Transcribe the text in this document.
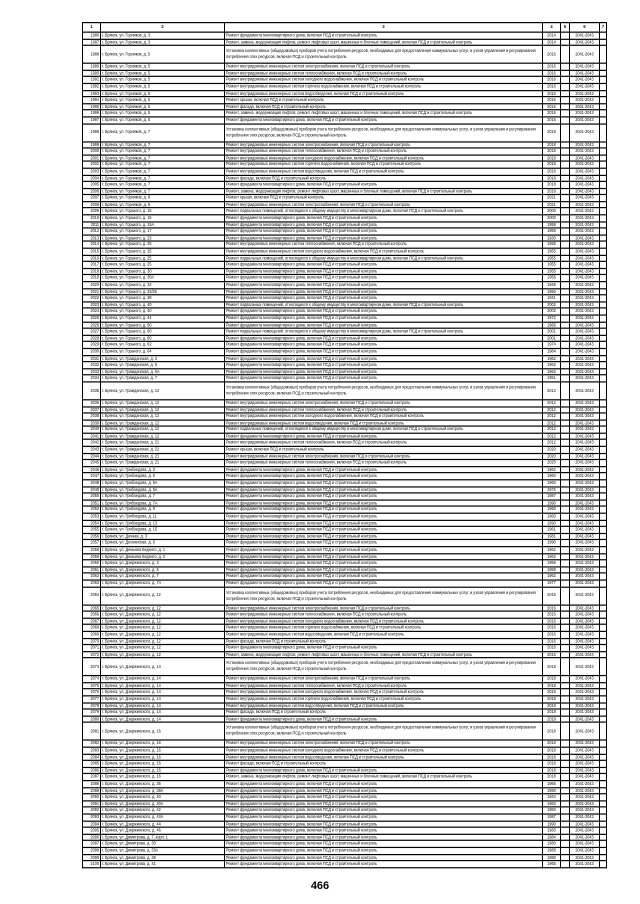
1	2	3	4	5	6	7
1986	г. Брянск, ул. Горняков, д. 3	Ремонт фундамента многоквартирного дома, включая ПСД и строительный контроль	2014		2041-2043	
1987	г. Брянск, ул. Горняков, д. 3	Ремонт, замена, модернизация лифтов, ремонт лифтовых шахт, машинных и блочных помещений, включая ПСД и строительный контроль	2014		2041-2043	
1988	г. Брянск, ул. Горняков, д. 5	Установка коллективных (общедомовых) приборов учета потребления ресурсов, необходимых для предоставления коммунальных услуг, и узлов управления и регулирования потребления этих ресурсов, включая ПСД и строительный контроль	2016		2041-2043	
1989	г. Брянск, ул. Горняков, д. 5	Ремонт внутридомовых инженерных систем электроснабжения, включая ПСД и строительный контроль	2016		2041-2043	
1990	г. Брянск, ул. Горняков, д. 5	Ремонт внутридомовых инженерных систем теплоснабжения, включая ПСД и строительный контроль	2016		2041-2043	
1991	г. Брянск, ул. Горняков, д. 5	Ремонт внутридомовых инженерных систем холодного водоснабжения, включая ПСД и строительный контроль	2016		2041-2043	
1992	г. Брянск, ул. Горняков, д. 5	Ремонт внутридомовых инженерных систем горячего водоснабжения, включая ПСД и строительный контроль	2016		2041-2043	
1993	г. Брянск, ул. Горняков, д. 5	Ремонт внутридомовых инженерных систем водоотведения, включая ПСД и строительный контроль	2016		2041-2043	
1994	г. Брянск, ул. Горняков, д. 5	Ремонт крыши, включая ПСД и строительный контроль	2016		2041-2043	
1995	г. Брянск, ул. Горняков, д. 5	Ремонт фасада, включая ПСД и строительный контроль	2016		2041-2043	
1996	г. Брянск, ул. Горняков, д. 5	Ремонт, замена, модернизация лифтов, ремонт лифтовых шахт, машинных и блочных помещений, включая ПСД и строительный контроль	2016		2041-2043	
1997	г. Брянск, ул. Горняков, д. 5	Ремонт фундамента многоквартирного дома, включая ПСД и строительный контроль	2016		2041-2043	
1998	г. Брянск, ул. Горняков, д. 7	Установка коллективных (общедомовых) приборов учета потребления ресурсов, необходимых для предоставления коммунальных услуг, и узлов управления и регулирования потребления этих ресурсов, включая ПСД и строительный контроль	2018		2041-2043	
1999	г. Брянск, ул. Горняков, д. 7	Ремонт внутридомовых инженерных систем электроснабжения, включая ПСД и строительный контроль	2018		2041-2043	
2000	г. Брянск, ул. Горняков, д. 7	Ремонт внутридомовых инженерных систем теплоснабжения, включая ПСД и строительный контроль	2018		2041-2043	
2001	г. Брянск, ул. Горняков, д. 7	Ремонт внутридомовых инженерных систем холодного водоснабжения, включая ПСД и строительный контроль	2018		2041-2043	
2002	г. Брянск, ул. Горняков, д. 7	Ремонт внутридомовых инженерных систем горячего водоснабжения, включая ПСД и строительный контроль	2018		2041-2043	
2003	г. Брянск, ул. Горняков, д. 7	Ремонт внутридомовых инженерных систем водоотведения, включая ПСД и строительный контроль	2018		2041-2043	
2004	г. Брянск, ул. Горняков, д. 7	Ремонт фасада, включая ПСД и строительный контроль	2018		2041-2043	
2005	г. Брянск, ул. Горняков, д. 7	Ремонт фундамента многоквартирного дома, включая ПСД и строительный контроль	2018		2041-2043	
2006	г. Брянск, ул. Горняков, д. 7	Ремонт, замена, модернизация лифтов, ремонт лифтовых шахт, машинных и блочных помещений, включая ПСД и строительный контроль	2018		2041-2043	
2007	г. Брянск, ул. Горняков, д. 9	Ремонт крыши, включая ПСД и строительный контроль	2021		2041-2043	
2008	г. Брянск, ул. Горняков, д. 9	Ремонт внутридомовых инженерных систем электроснабжения, включая ПСД и строительный контроль	2021		2041-2043	
2009	г. Брянск, ул. Горького, д. 15	Ремонт подвальных помещений, относящихся к общему имуществу в многоквартирном доме, включая ПСД и строительный контроль	2000		2041-2043	
2010	г. Брянск, ул. Горького, д. 15	Ремонт фундамента многоквартирного дома, включая ПСД и строительный контроль	2000		2041-2043	
2011	г. Брянск, ул. Горького, д. 15А	Ремонт фундамента многоквартирного дома, включая ПСД и строительный контроль	1959		2041-2043	
2012	г. Брянск, ул. Горького, д. 17	Ремонт фундамента многоквартирного дома, включая ПСД и строительный контроль	1959		2041-2043	
2013	г. Брянск, ул. Горького, д. 23	Ремонт фундамента многоквартирного дома, включая ПСД и строительный контроль	1930		2041-2043	
2014	г. Брянск, ул. Горького, д. 25	Ремонт внутридомовых инженерных систем теплоснабжения, включая ПСД и строительный контроль	1955		2041-2043	
2015	г. Брянск, ул. Горького, д. 25	Ремонт внутридомовых инженерных систем холодного водоснабжения, включая ПСД и строительный контроль	1955		2041-2043	
2016	г. Брянск, ул. Горького, д. 25	Ремонт подвальных помещений, относящихся к общему имуществу в многоквартирном доме, включая ПСД и строительный контроль	1955		2041-2043	
2017	г. Брянск, ул. Горького, д. 25	Ремонт фундамента многоквартирного дома, включая ПСД и строительный контроль	1955		2041-2043	
2018	г. Брянск, ул. Горького, д. 30	Ремонт фундамента многоквартирного дома, включая ПСД и строительный контроль	1955		2041-2043	
2019	г. Брянск, ул. Горького, д. 30А	Ремонт фундамента многоквартирного дома, включая ПСД и строительный контроль	1956		2041-2043	
2020	г. Брянск, ул. Горького, д. 32	Ремонт фундамента многоквартирного дома, включая ПСД и строительный контроль	1948		2041-2043	
2021	г. Брянск, ул. Горького, д. 32/26	Ремонт фундамента многоквартирного дома, включая ПСД и строительный контроль	1950		2041-2043	
2022	г. Брянск, ул. Горького, д. 38	Ремонт фундамента многоквартирного дома, включая ПСД и строительный контроль	1941		2041-2043	
2023	г. Брянск, ул. Горького, д. 40	Ремонт подвальных помещений, относящихся к общему имуществу в многоквартирном доме, включая ПСД и строительный контроль	2002		2041-2043	
2024	г. Брянск, ул. Горького, д. 40	Ремонт фундамента многоквартирного дома, включая ПСД и строительный контроль	2002		2041-2043	
2025	г. Брянск, ул. Горького, д. 44	Ремонт фундамента многоквартирного дома, включая ПСД и строительный контроль	1972		2041-2043	
2026	г. Брянск, ул. Горького, д. 50	Ремонт фундамента многоквартирного дома, включая ПСД и строительный контроль	1966		2041-2043	
2027	г. Брянск, ул. Горького, д. 60	Ремонт подвальных помещений, относящихся к общему имуществу в многоквартирном доме, включая ПСД и строительный контроль	2001		2041-2043	
2028	г. Брянск, ул. Горького, д. 60	Ремонт фундамента многоквартирного дома, включая ПСД и строительный контроль	2001		2041-2043	
2029	г. Брянск, ул. Горького, д. 62	Ремонт фундамента многоквартирного дома, включая ПСД и строительный контроль	1974		2041-2043	
2030	г. Брянск, ул. Горького, д. 64	Ремонт фундамента многоквартирного дома, включая ПСД и строительный контроль	1984		2041-2043	
2031	г. Брянск, ул. Гражданская, д. 3	Ремонт фундамента многоквартирного дома, включая ПСД и строительный контроль	1962		2041-2043	
2032	г. Брянск, ул. Гражданская, д. 5	Ремонт фундамента многоквартирного дома, включая ПСД и строительный контроль	1962		2041-2043	
2033	г. Брянск, ул. Гражданская, д. 5А	Ремонт фундамента многоквартирного дома, включая ПСД и строительный контроль	1962		2041-2043	
2034	г. Брянск, ул. Гражданская, д. 7	Ремонт фундамента многоквартирного дома, включая ПСД и строительный контроль	1951		2041-2043	
2035	г. Брянск, ул. Гражданская, д. 12	Установка коллективных (общедомовых) приборов учета потребления ресурсов, необходимых для предоставления коммунальных услуг, и узлов управления и регулирования потребления этих ресурсов, включая ПСД и строительный контроль	2012		2041-2043	
2036	г. Брянск, ул. Гражданская, д. 12	Ремонт внутридомовых инженерных систем электроснабжения, включая ПСД и строительный контроль	2012		2041-2043	
2037	г. Брянск, ул. Гражданская, д. 12	Ремонт внутридомовых инженерных систем теплоснабжения, включая ПСД и строительный контроль	2012		2041-2043	
2038	г. Брянск, ул. Гражданская, д. 12	Ремонт внутридомовых инженерных систем холодного водоснабжения, включая ПСД и строительный контроль	2012		2041-2043	
2039	г. Брянск, ул. Гражданская, д. 12	Ремонт внутридомовых инженерных систем водоотведения, включая ПСД и строительный контроль	2012		2041-2043	
2040	г. Брянск, ул. Гражданская, д. 12	Ремонт подвальных помещений, относящихся к общему имуществу в многоквартирном доме, включая ПСД и строительный контроль	2012		2041-2043	
2041	г. Брянск, ул. Гражданская, д. 12	Ремонт фундамента многоквартирного дома, включая ПСД и строительный контроль	2012		2041-2043	
2042	г. Брянск, ул. Гражданская, д. 21	Ремонт внутридомовых инженерных систем теплоснабжения, включая ПСД и строительный контроль	2012		2041-2043	
2043	г. Брянск, ул. Гражданская, д. 21	Ремонт крыши, включая ПСД и строительный контроль	2020		2041-2043	
2044	г. Брянск, ул. Гражданская, д. 21	Ремонт внутридомовых инженерных систем электроснабжения, включая ПСД и строительный контроль	2020		2041-2043	
2045	г. Брянск, ул. Гражданская, д. 21	Ремонт внутридомовых инженерных систем теплоснабжения, включая ПСД и строительный контроль	2020		2041-2043	
2046	г. Брянск, ул. Грибоедова, д. 3	Ремонт фундамента многоквартирного дома, включая ПСД и строительный контроль	1962		2041-2043	
2047	г. Брянск, ул. Грибоедова, д. 5	Ремонт фундамента многоквартирного дома, включая ПСД и строительный контроль	1960		2041-2043	
2048	г. Брянск, ул. Грибоедова, д. 5А	Ремонт фундамента многоквартирного дома, включая ПСД и строительный контроль	1960		2041-2043	
2049	г. Брянск, ул. Грибоедова, д. 5А	Ремонт фундамента многоквартирного дома, включая ПСД и строительный контроль	1975		2041-2043	
2050	г. Брянск, ул. Грибоедова, д. 7	Ремонт фундамента многоквартирного дома, включая ПСД и строительный контроль	1987		2041-2043	
2051	г. Брянск, ул. Грибоедова, д. 7А	Ремонт фундамента многоквартирного дома, включая ПСД и строительный контроль	1990		2041-2043	
2052	г. Брянск, ул. Грибоедова, д. 9	Ремонт фундамента многоквартирного дома, включая ПСД и строительный контроль	1960		2041-2043	
2053	г. Брянск, ул. Грибоедова, д. 11	Ремонт фундамента многоквартирного дома, включая ПСД и строительный контроль	1960		2041-2043	
2054	г. Брянск, ул. Грибоедова, д. 13	Ремонт фундамента многоквартирного дома, включая ПСД и строительный контроль	1990		2041-2043	
2055	г. Брянск, ул. Грибоедова, д. 15	Ремонт фундамента многоквартирного дома, включая ПСД и строительный контроль	1961		2041-2043	
2056	г. Брянск, ул. Дачная, д. 3	Ремонт фундамента многоквартирного дома, включая ПСД и строительный контроль	1981		2041-2043	
2057	г. Брянск, ул. Деснинская, д. 9	Ремонт фундамента многоквартирного дома, включая ПСД и строительный контроль	1990		2041-2043	
2058	г. Брянск, ул. Демьяна Бедного, д. 1	Ремонт фундамента многоквартирного дома, включая ПСД и строительный контроль	1962		2041-2043	
2059	г. Брянск, ул. Демьяна Бедного, д. 2	Ремонт фундамента многоквартирного дома, включая ПСД и строительный контроль	1962		2041-2043	
2060	г. Брянск, ул. Дзержинского, д. 3	Ремонт фундамента многоквартирного дома, включая ПСД и строительный контроль	1959		2041-2043	
2061	г. Брянск, ул. Дзержинского, д. 5	Ремонт фундамента многоквартирного дома, включая ПСД и строительный контроль	1958		2041-2043	
2062	г. Брянск, ул. Дзержинского, д. 7	Ремонт фундамента многоквартирного дома, включая ПСД и строительный контроль	1962		2041-2043	
2063	г. Брянск, ул. Дзержинского, д. 7А	Ремонт фундамента многоквартирного дома, включая ПСД и строительный контроль	1977		2041-2043	
2064	г. Брянск, ул. Дзержинского, д. 12	Установка коллективных (общедомовых) приборов учета потребления ресурсов, необходимых для предоставления коммунальных услуг, и узлов управления и регулирования потребления этих ресурсов, включая ПСД и строительный контроль	2016		2041-2043	
2065	г. Брянск, ул. Дзержинского, д. 12	Ремонт внутридомовых инженерных систем электроснабжения, включая ПСД и строительный контроль	2016		2041-2043	
2066	г. Брянск, ул. Дзержинского, д. 12	Ремонт внутридомовых инженерных систем теплоснабжения, включая ПСД и строительный контроль	2016		2041-2043	
2067	г. Брянск, ул. Дзержинского, д. 12	Ремонт внутридомовых инженерных систем холодного водоснабжения, включая ПСД и строительный контроль	2016		2041-2043	
2068	г. Брянск, ул. Дзержинского, д. 12	Ремонт внутридомовых инженерных систем горячего водоснабжения, включая ПСД и строительный контроль	2016		2041-2043	
2069	г. Брянск, ул. Дзержинского, д. 12	Ремонт внутридомовых инженерных систем водоотведения, включая ПСД и строительный контроль	2016		2041-2043	
2070	г. Брянск, ул. Дзержинского, д. 12	Ремонт фасада, включая ПСД и строительный контроль	2016		2041-2043	
2071	г. Брянск, ул. Дзержинского, д. 12	Ремонт фундамента многоквартирного дома, включая ПСД и строительный контроль	2016		2041-2043	
2072	г. Брянск, ул. Дзержинского, д. 12	Ремонт, замена, модернизация лифтов, ремонт лифтовых шахт, машинных и блочных помещений, включая ПСД и строительный контроль	2016		2041-2043	
2073	г. Брянск, ул. Дзержинского, д. 14	Установка коллективных (общедомовых) приборов учета потребления ресурсов, необходимых для предоставления коммунальных услуг, и узлов управления и регулирования потребления этих ресурсов, включая ПСД и строительный контроль	2018		2041-2043	
2074	г. Брянск, ул. Дзержинского, д. 14	Ремонт внутридомовых инженерных систем электроснабжения, включая ПСД и строительный контроль	2018		2041-2043	
2075	г. Брянск, ул. Дзержинского, д. 14	Ремонт внутридомовых инженерных систем теплоснабжения, включая ПСД и строительный контроль	2018		2041-2043	
2076	г. Брянск, ул. Дзержинского, д. 14	Ремонт внутридомовых инженерных систем холодного водоснабжения, включая ПСД и строительный контроль	2018		2041-2043	
2077	г. Брянск, ул. Дзержинского, д. 14	Ремонт внутридомовых инженерных систем горячего водоснабжения, включая ПСД и строительный контроль	2018		2041-2043	
2078	г. Брянск, ул. Дзержинского, д. 14	Ремонт внутридомовых инженерных систем водоотведения, включая ПСД и строительный контроль	2018		2041-2043	
2079	г. Брянск, ул. Дзержинского, д. 14	Ремонт фасада, включая ПСД и строительный контроль	2018		2041-2043	
2080	г. Брянск, ул. Дзержинского, д. 14	Ремонт фундамента многоквартирного дома, включая ПСД и строительный контроль	2018		2041-2043	
2081	г. Брянск, ул. Дзержинского, д. 16	Установка коллективных (общедомовых) приборов учета потребления ресурсов, необходимых для предоставления коммунальных услуг, и узлов управления и регулирования потребления этих ресурсов, включая ПСД и строительный контроль	2018		2041-2043	
2082	г. Брянск, ул. Дзержинского, д. 16	Ремонт внутридомовых инженерных систем электроснабжения, включая ПСД и строительный контроль	2018		2041-2043	
2083	г. Брянск, ул. Дзержинского, д. 16	Ремонт внутридомовых инженерных систем холодного водоснабжения, включая ПСД и строительный контроль	2018		2041-2043	
2084	г. Брянск, ул. Дзержинского, д. 16	Ремонт внутридомовых инженерных систем водоотведения, включая ПСД и строительный контроль	2018		2041-2043	
2085	г. Брянск, ул. Дзержинского, д. 16	Ремонт фасада, включая ПСД и строительный контроль	2018		2041-2043	
2086	г. Брянск, ул. Дзержинского, д. 16	Ремонт фундамента многоквартирного дома, включая ПСД и строительный контроль	2018		2041-2043	
2087	г. Брянск, ул. Дзержинского, д. 16	Ремонт, замена, модернизация лифтов, ремонт лифтовых шахт, машинных и блочных помещений, включая ПСД и строительный контроль	2018		2041-2043	
2088	г. Брянск, ул. Дзержинского, д. 36	Ремонт фундамента многоквартирного дома, включая ПСД и строительный контроль	1966		2041-2043	
2089	г. Брянск, ул. Дзержинского, д. 38А	Ремонт фундамента многоквартирного дома, включая ПСД и строительный контроль	1990		2041-2043	
2090	г. Брянск, ул. Дзержинского, д. 40	Ремонт фундамента многоквартирного дома, включая ПСД и строительный контроль	1944		2041-2043	
2091	г. Брянск, ул. Дзержинского, д. 40А	Ремонт фундамента многоквартирного дома, включая ПСД и строительный контроль	1983		2041-2043	
2092	г. Брянск, ул. Дзержинского, д. 42	Ремонт фундамента многоквартирного дома, включая ПСД и строительный контроль	1983		2041-2043	
2093	г. Брянск, ул. Дзержинского, д. 44А	Ремонт фундамента многоквартирного дома, включая ПСД и строительный контроль	1987		2041-2043	
2094	г. Брянск, ул. Дзержинского, д. 44	Ремонт фундамента многоквартирного дома, включая ПСД и строительный контроль	1990		2041-2043	
2095	г. Брянск, ул. Дзержинского, д. 46	Ремонт фундамента многоквартирного дома, включая ПСД и строительный контроль	1983		2041-2043	
2096	г. Брянск, ул. Димитрова, д. 7, корп. 1	Ремонт фундамента многоквартирного дома, включая ПСД и строительный контроль	1984		2041-2043	
2097	г. Брянск, ул. Димитрова, д. 30	Ремонт фундамента многоквартирного дома, включая ПСД и строительный контроль	1980		2041-2043	
2098	г. Брянск, ул. Димитрова, д. 33А	Ремонт фундамента многоквартирного дома, включая ПСД и строительный контроль	1988		2041-2043	
2099	г. Брянск, ул. Димитрова, д. 39	Ремонт фундамента многоквартирного дома, включая ПСД и строительный контроль	1980		2041-2043	
2100	г. Брянск, ул. Димитрова, д. 41	Ремонт фундамента многоквартирного дома, включая ПСД и строительный контроль	1965		2041-2043	
466
